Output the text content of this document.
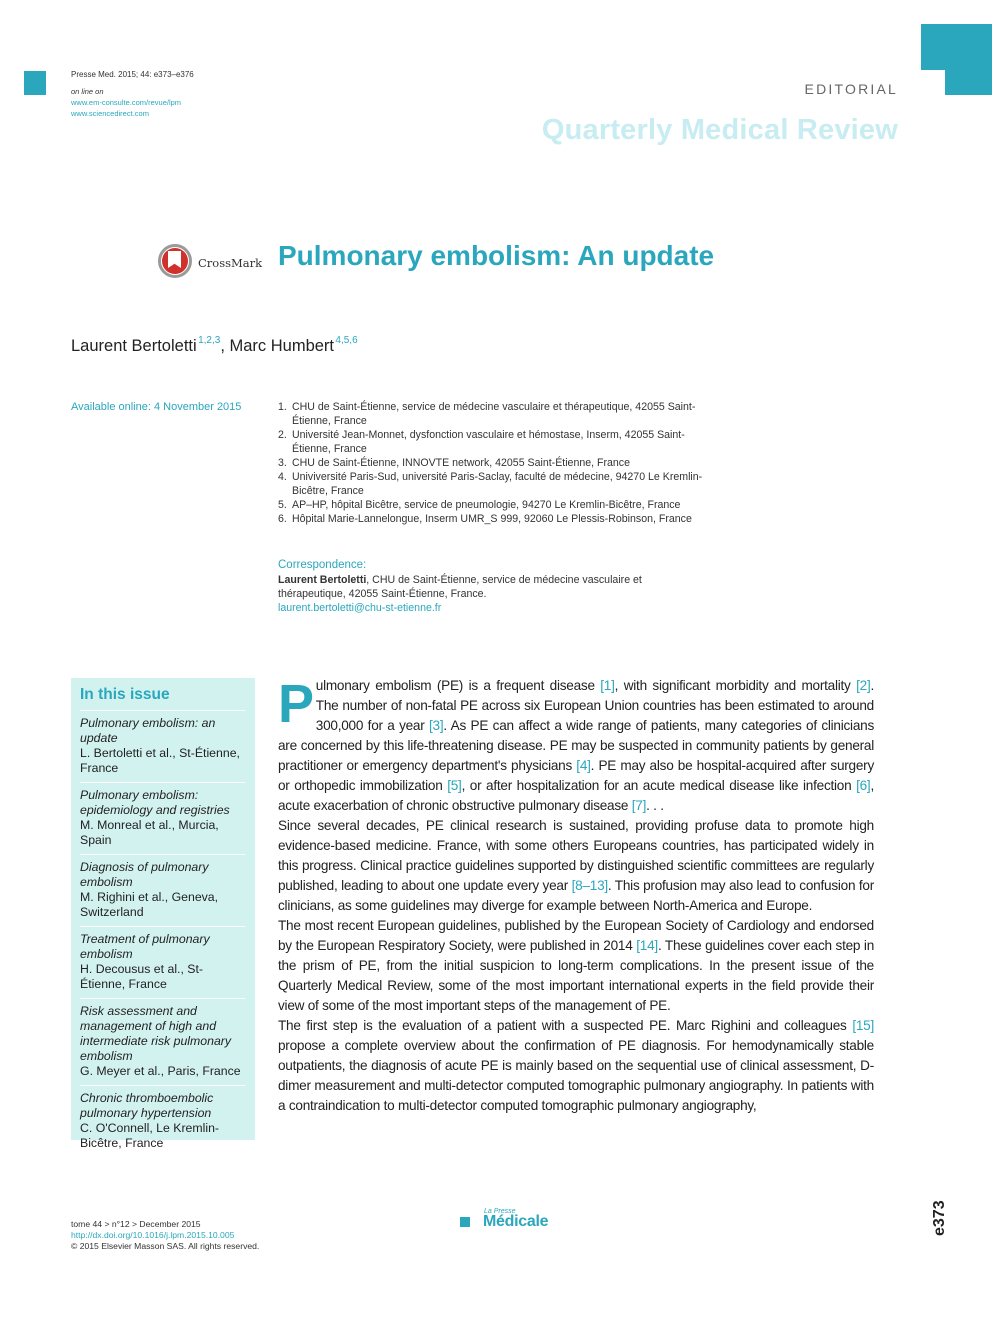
Presse Med. 2015; 44: e373–e376
on line on
www.em-consulte.com/revue/lpm
www.sciencedirect.com
EDITORIAL
Quarterly Medical Review
CrossMark Pulmonary embolism: An update
Laurent Bertoletti $^{1,2,3}$, Marc Humbert $^{4,5,6}$
Available online: 4 November 2015	1. CHU de Saint-Étienne, service de médecine vasculaire et thérapeutique, 42055 Saint-Étienne, France
2. Université Jean-Monnet, dysfonction vasculaire et hémostase, Inserm, 42055 Saint-Étienne, France
3. CHU de Saint-Étienne, INNOVTE network, 42055 Saint-Étienne, France
4. Univiversité Paris-Sud, université Paris-Saclay, faculté de médecine, 94270 Le Kremlin-Bicêtre, France
5. AP–HP, hôpital Bicêtre, service de pneumologie, 94270 Le Kremlin-Bicêtre, France
6. Hôpital Marie-Lannelongue, Inserm UMR_S 999, 92060 Le Plessis-Robinson, France
Correspondence:
Laurent Bertoletti, CHU de Saint-Étienne, service de médecine vasculaire et thérapeutique, 42055 Saint-Étienne, France.
laurent.bertoletti@chu-st-etienne.fr
In this issue
Pulmonary embolism: an update
L. Bertoletti et al., St-Étienne, France
Pulmonary embolism: epidemiology and registries
M. Monreal et al., Murcia, Spain
Diagnosis of pulmonary embolism
M. Righini et al., Geneva, Switzerland
Treatment of pulmonary embolism
H. Decousus et al., St-Étienne, France
Risk assessment and management of high and intermediate risk pulmonary embolism
G. Meyer et al., Paris, France
Chronic thromboembolic pulmonary hypertension
C. O'Connell, Le Kremlin-Bicêtre, France

Pulmonary embolism (PE) is a frequent disease [1], with significant morbidity and mortality [2]. The number of non-fatal PE across six European Union countries has been estimated to around 300,000 for a year [3]. As PE can affect a wide range of patients, many categories of clinicians are concerned by this life-threatening disease. PE may be suspected in community patients by general practitioner or emergency department's physicians [4]. PE may also be hospital-acquired after surgery or orthopedic immobilization [5], or after hospitalization for an acute medical disease like infection [6], acute exacerbation of chronic obstructive pulmonary disease [7]. . .

Since several decades, PE clinical research is sustained, providing profuse data to promote high evidence-based medicine. France, with some others Europeans countries, has participated widely in this progress. Clinical practice guidelines supported by distinguished scientific committees are regularly published, leading to about one update every year [8–13]. This profusion may also lead to confusion for clinicians, as some guidelines may diverge for example between North-America and Europe.

The most recent European guidelines, published by the European Society of Cardiology and endorsed by the European Respiratory Society, were published in 2014 [14]. These guidelines cover each step in the prism of PE, from the initial suspicion to long-term complications. In the present issue of the Quarterly Medical Review, some of the most important international experts in the field provide their view of some of the most important steps of the management of PE.

The first step is the evaluation of a patient with a suspected PE. Marc Righini and colleagues [15] propose a complete overview about the confirmation of PE diagnosis. For hemodynamically stable outpatients, the diagnosis of acute PE is mainly based on the sequential use of clinical assessment, D-dimer measurement and multi-detector computed tomographic pulmonary angiography. In patients with a contraindication to multi-detector computed tomographic pulmonary angiography,

tome 44 > n°12 > December 2015
http://dx.doi.org/10.1016/j.lpm.2015.10.005
© 2015 Elsevier Masson SAS. All rights reserved.
La Presse
Médicale	e373
